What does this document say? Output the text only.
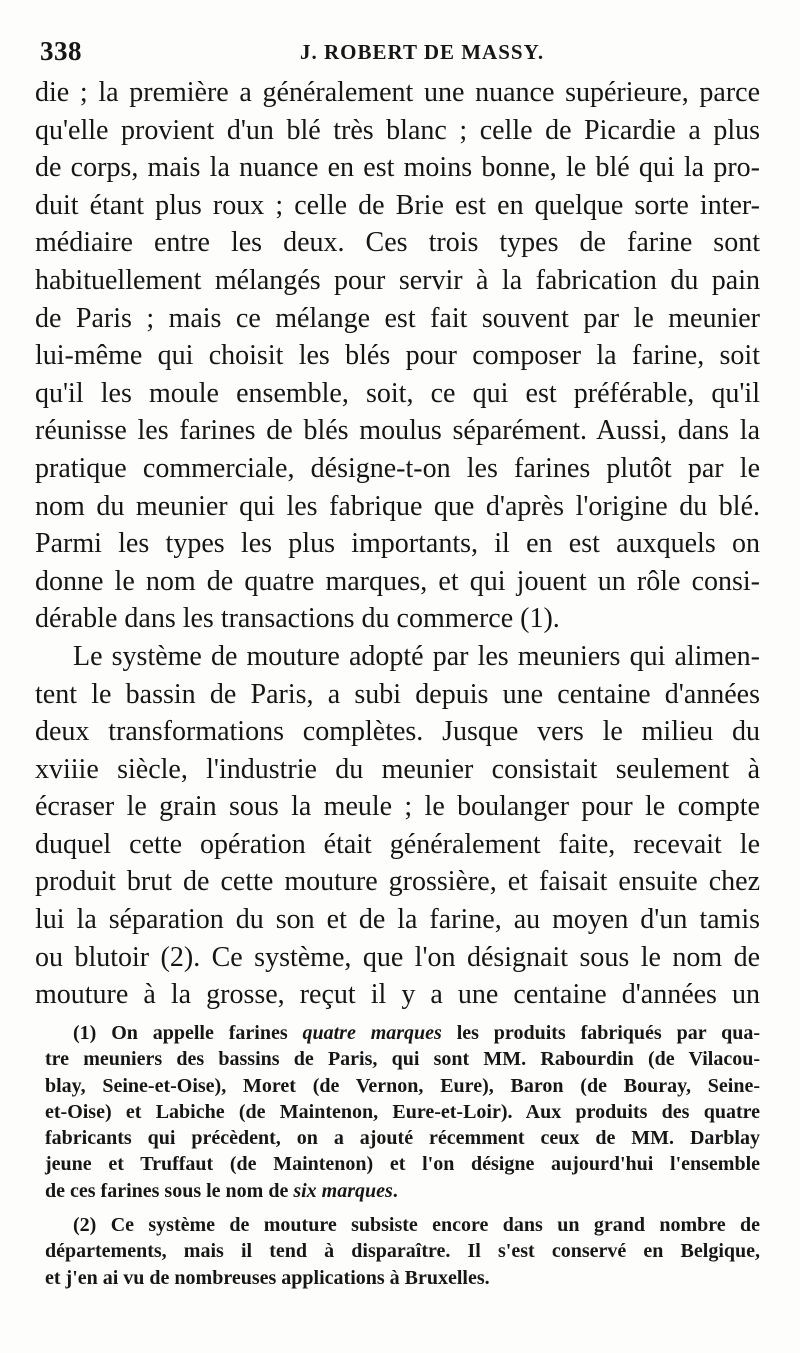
338	J. ROBERT DE MASSY.
die ; la première a généralement une nuance supérieure, parce
qu'elle provient d'un blé très blanc ; celle de Picardie a plus
de corps, mais la nuance en est moins bonne, le blé qui la pro-
duit étant plus roux ; celle de Brie est en quelque sorte inter-
médiaire entre les deux. Ces trois types de farine sont
habituellement mélangés pour servir à la fabrication du pain
de Paris ; mais ce mélange est fait souvent par le meunier
lui-même qui choisit les blés pour composer la farine, soit
qu'il les moule ensemble, soit, ce qui est préférable, qu'il
réunisse les farines de blés moulus séparément. Aussi, dans la
pratique commerciale, désigne-t-on les farines plutôt par le
nom du meunier qui les fabrique que d'après l'origine du blé.
Parmi les types les plus importants, il en est auxquels on
donne le nom de quatre marques, et qui jouent un rôle consi-
dérable dans les transactions du commerce (1).
Le système de mouture adopté par les meuniers qui alimen-
tent le bassin de Paris, a subi depuis une centaine d'années
deux transformations complètes. Jusque vers le milieu du
xviiie siècle, l'industrie du meunier consistait seulement à
écraser le grain sous la meule ; le boulanger pour le compte
duquel cette opération était généralement faite, recevait le
produit brut de cette mouture grossière, et faisait ensuite chez
lui la séparation du son et de la farine, au moyen d'un tamis
ou blutoir (2). Ce système, que l'on désignait sous le nom de
mouture à la grosse, reçut il y a une centaine d'années un
(1) On appelle farines quatre marques les produits fabriqués par qua-
tre meuniers des bassins de Paris, qui sont MM. Rabourdin (de Vilacou-
blay, Seine-et-Oise), Moret (de Vernon, Eure), Baron (de Bouray, Seine-
et-Oise) et Labiche (de Maintenon, Eure-et-Loir). Aux produits des quatre
fabricants qui précèdent, on a ajouté récemment ceux de MM. Darblay
jeune et Truffaut (de Maintenon) et l'on désigne aujourd'hui l'ensemble
de ces farines sous le nom de six marques.
(2) Ce système de mouture subsiste encore dans un grand nombre de
départements, mais il tend à disparaître. Il s'est conservé en Belgique,
et j'en ai vu de nombreuses applications à Bruxelles.
